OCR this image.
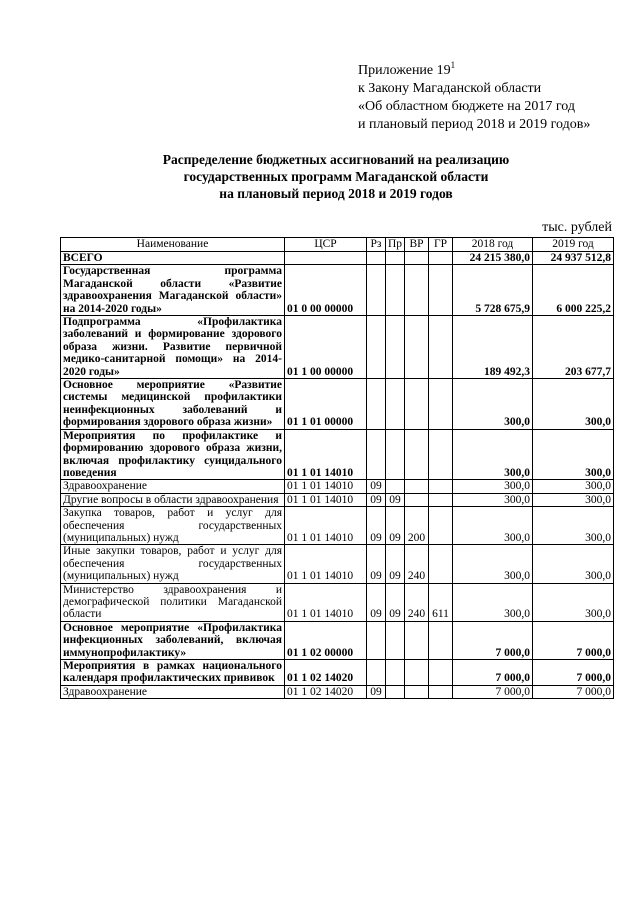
Приложение $19^1$
к Закону Магаданской области
«Об областном бюджете на 2017 год
и плановый период 2018 и 2019 годов»
Распределение бюджетных ассигнований на реализацию
государственных программ Магаданской области
на плановый период 2018 и 2019 годов
тыс. рублей
Наименование	ЦСР	Рз	Пр	ВР	ГР	2018 год	2019 год
ВСЕГО						24 215 380,0	24 937 512,8
Государственная программа Магаданской области «Развитие здравоохранения Магаданской области» на 2014-2020 годы»	01 0 00 00000					5 728 675,9	6 000 225,2
Подпрограмма «Профилактика заболеваний и формирование здорового образа жизни. Развитие первичной медико-санитарной помощи» на 2014-2020 годы»	01 1 00 00000					189 492,3	203 677,7
Основное мероприятие «Развитие системы медицинской профилактики неинфекционных заболеваний и формирования здорового образа жизни»	01 1 01 00000					300,0	300,0
Мероприятия по профилактике и формированию здорового образа жизни, включая профилактику суицидального поведения	01 1 01 14010					300,0	300,0
Здравоохранение	01 1 01 14010	09				300,0	300,0
Другие вопросы в области здравоохранения	01 1 01 14010	09	09			300,0	300,0
Закупка товаров, работ и услуг для обеспечения государственных (муниципальных) нужд	01 1 01 14010	09	09	200		300,0	300,0
Иные закупки товаров, работ и услуг для обеспечения государственных (муниципальных) нужд	01 1 01 14010	09	09	240		300,0	300,0
Министерство здравоохранения и демографической политики Магаданской области	01 1 01 14010	09	09	240	611	300,0	300,0
Основное мероприятие «Профилактика инфекционных заболеваний, включая иммунопрофилактику»	01 1 02 00000					7 000,0	7 000,0
Мероприятия в рамках национального календаря профилактических прививок	01 1 02 14020					7 000,0	7 000,0
Здравоохранение	01 1 02 14020	09				7 000,0	7 000,0
